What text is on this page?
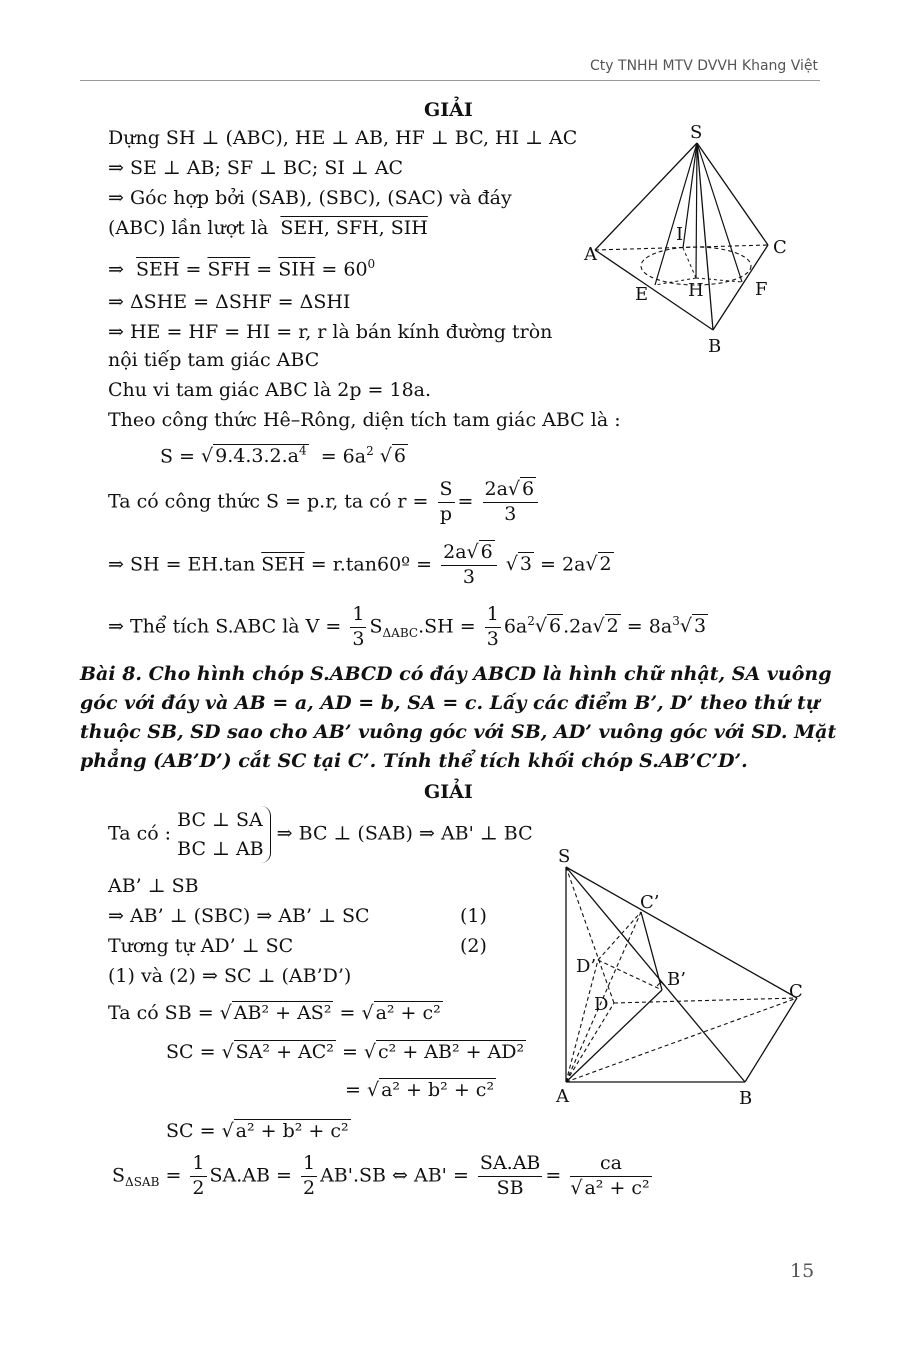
Cty TNHH MTV DVVH Khang Việt
GIẢI
Dựng SH ⊥ (ABC), HE ⊥ AB, HF ⊥ BC, HI ⊥ AC
⇒ SE ⊥ AB; SF ⊥ BC; SI ⊥ AC
⇒ Góc hợp bởi (SAB), (SBC), (SAC) và đáy
(ABC) lần lượt là SEH, SFH, SIH
⇒ $\overline{SEH} = \overline{SFH} = \overline{SIH} = 60^0$
⇒ ΔSHE = ΔSHF = ΔSHI
⇒ HE = HF = HI = r, r là bán kính đường tròn
nội tiếp tam giác ABC
Chu vi tam giác ABC là 2p = 18a.
Theo công thức Hê–Rông, diện tích tam giác ABC là :
S = √ $9.4.3.2.a^4 = 6a^2$ √ 6
Ta có công thức S = p.r, ta có $r = \frac{S}{p} = \frac{2a √ 6}{3}$
⇒ SH = EH.tan $\overline{SEH}$ = r.tan60º = $\frac{2a √ 6}{3}$ √ 3 = 2a √ 2
⇒ Thể tích S.ABC là $V = \frac{1}{3} S_{\Delta ABC}.SH = \frac{1}{3} 6a^2$ √ 6 .2a √ $2 = 8a^3$ √ 3
S
I
A	C
E H	F
B
Bài 8. Cho hình chóp S.ABCD có đáy ABCD là hình chữ nhật, SA vuông
góc với đáy và AB = a, AD = b, SA = c. Lấy các điểm B’, D’ theo thứ tự
thuộc SB, SD sao cho AB’ vuông góc với SB, AD’ vuông góc với SD. Mặt
phẳng (AB’D’) cắt SC tại C’. Tính thể tích khối chóp S.AB’C’D’.
GIẢI
Ta có :
BC ⊥ SA
BC ⊥ AB
⇒ BC ⊥ (SAB) ⇒ AB' ⊥ BC
AB’ ⊥ SB
⇒ AB’ ⊥ (SBC) ⇒ AB’ ⊥ SC	(1)
Tương tự AD’ ⊥ SC	(2)
(1) và (2) ⇒ SC ⊥ (AB’D’)
Ta có SB = √ AB² + AS² = √ a² + c²
SC = √ SA² + AC² = √ c² + AB² + AD²
= √ a² + b² + c²
SC = √ a² + b² + c²
$S_{\Delta SAB} = \frac{1}{2} SA.AB = \frac{1}{2} AB'.SB$ ⇔ $AB' = \frac{SA.AB}{SB}$ = ca
√ a² + c²
S
C’
D’
B’
D
C
A	B
15
